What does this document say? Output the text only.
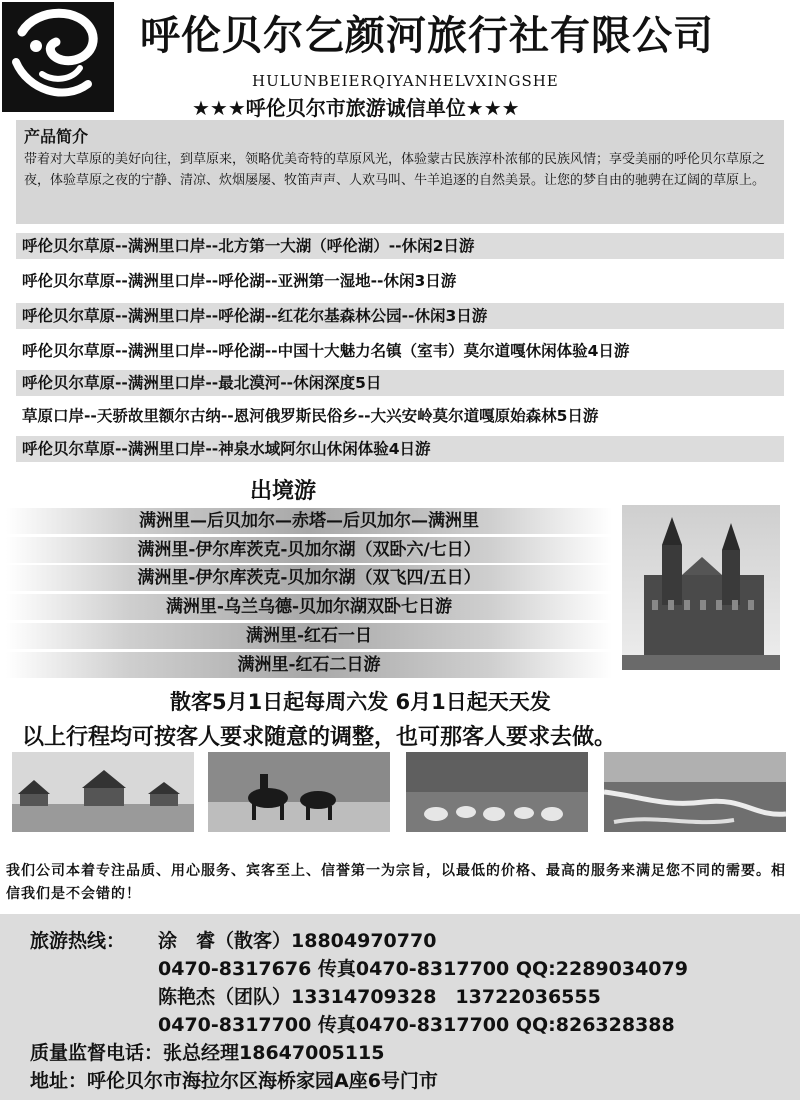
呼伦贝尔乞颜河旅行社有限公司
HULUNBEIERQIYANHELVXINGSHE
★★★呼伦贝尔市旅游诚信单位★★★
产品简介
带着对大草原的美好向往，到草原来，领略优美奇特的草原风光，体验蒙古民族淳朴浓郁的民族风情；享受美丽的呼伦贝尔草原之夜，体验草原之夜的宁静、清凉、炊烟屡屡、牧笛声声、人欢马叫、牛羊追逐的自然美景。让您的梦自由的驰骋在辽阔的草原上。
呼伦贝尔草原--满洲里口岸--北方第一大湖（呼伦湖）--休闲2日游
呼伦贝尔草原--满洲里口岸--呼伦湖--亚洲第一湿地--休闲3日游
呼伦贝尔草原--满洲里口岸--呼伦湖--红花尔基森林公园--休闲3日游
呼伦贝尔草原--满洲里口岸--呼伦湖--中国十大魅力名镇（室韦）莫尔道嘎休闲体验4日游
呼伦贝尔草原--满洲里口岸--最北漠河--休闲深度5日
草原口岸--天骄故里额尔古纳--恩河俄罗斯民俗乡--大兴安岭莫尔道嘎原始森林5日游
呼伦贝尔草原--满洲里口岸--神泉水域阿尔山休闲体验4日游
出境游
满洲里—后贝加尔—赤塔—后贝加尔—满洲里
满洲里-伊尔库茨克-贝加尔湖（双卧六/七日）
满洲里-伊尔库茨克-贝加尔湖（双飞四/五日）
满洲里-乌兰乌德-贝加尔湖双卧七日游
满洲里-红石一日
满洲里-红石二日游
散客5月1日起每周六发 6月1日起天天发
以上行程均可按客人要求随意的调整，也可那客人要求去做。
我们公司本着专注品质、用心服务、宾客至上、信誉第一为宗旨，以最低的价格、最高的服务来满足您不同的需要。相信我们是不会错的！
旅游热线： 涂　睿（散客）18804970770
0470-8317676 传真0470-8317700 QQ:2289034079
陈艳杰（团队）13314709328　13722036555
0470-8317700 传真0470-8317700 QQ:826328388
质量监督电话：张总经理18647005115
地址：呼伦贝尔市海拉尔区海桥家园A座6号门市
